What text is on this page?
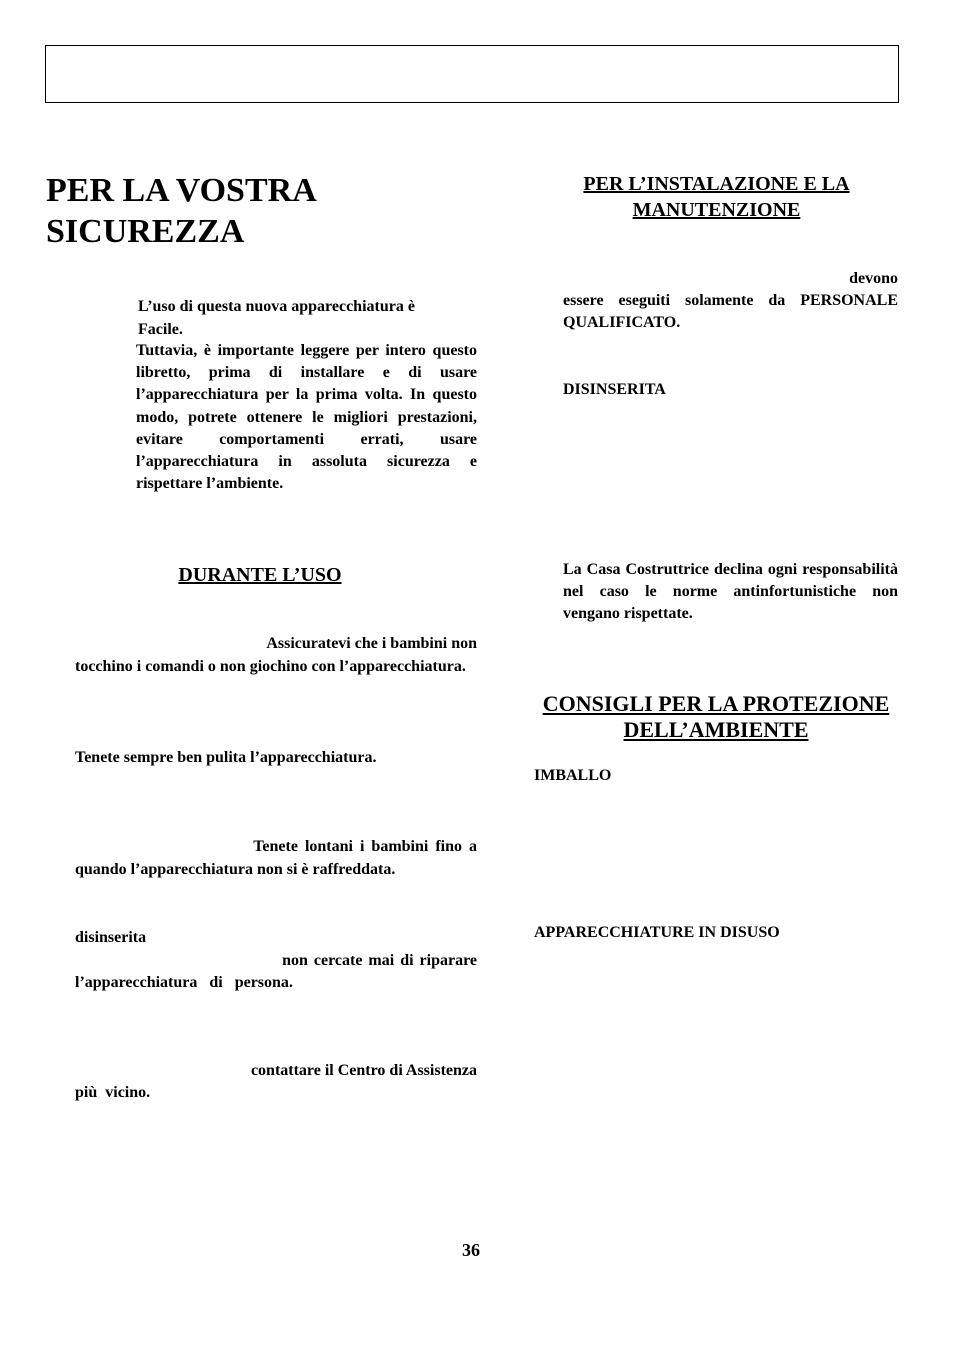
PER LA VOSTRA
SICUREZZA
L’uso di questa nuova apparecchiatura è
Facile.
Tuttavia, è importante leggere per intero questo libretto, prima di installare e di usare l’apparecchiatura per la prima volta. In questo modo, potrete ottenere le migliori prestazioni, evitare comportamenti errati, usare l’apparecchiatura in assoluta sicurezza e rispettare l’ambiente.
DURANTE L’USO
Assicuratevi che i bambini non
tocchino i comandi o non giochino con l’apparecchiatura.
Tenete sempre ben pulita l’apparecchiatura.
Tenete lontani i bambini fino a
quando l’apparecchiatura non si è raffreddata.
disinserita
non cercate mai di riparare
l’apparecchiatura   di   persona.
contattare il Centro di Assistenza
più  vicino.
PER L’INSTALAZIONE E LA
MANUTENZIONE
devono
essere eseguiti solamente da PERSONALE QUALIFICATO.
DISINSERITA
La Casa Costruttrice declina ogni responsabilità nel caso le norme antinfortunistiche non vengano rispettate.
CONSIGLI PER LA PROTEZIONE
DELL’AMBIENTE
IMBALLO
APPARECCHIATURE IN DISUSO
36
